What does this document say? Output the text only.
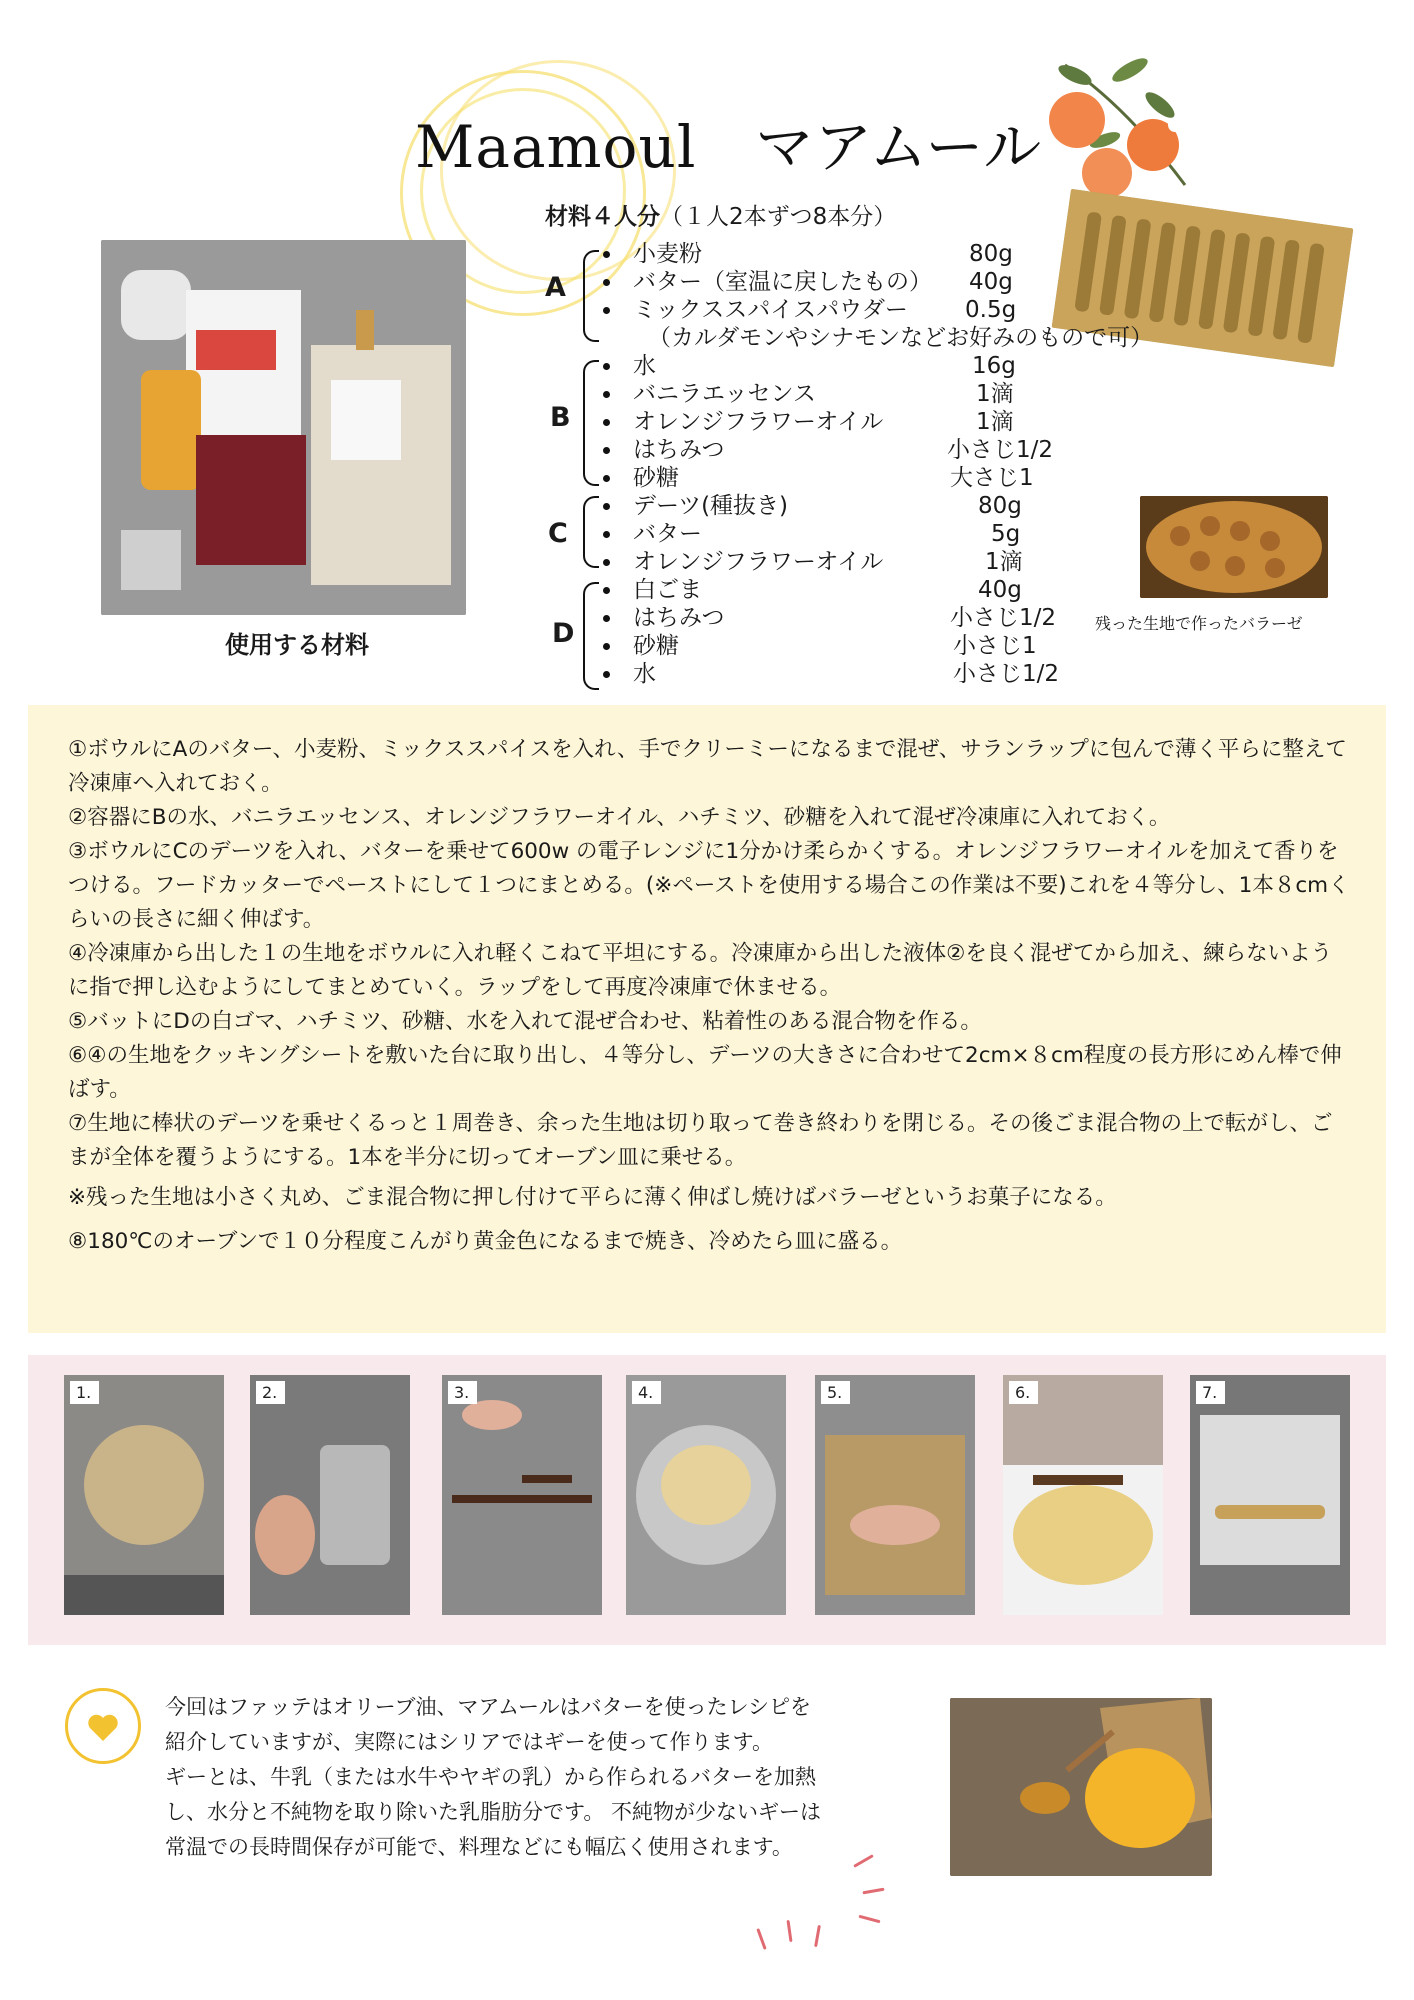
Maamoul　マアムール
使用する材料
材料４人分（１人2本ずつ8本分）
A
小麦粉	80g
バター（室温に戻したもの） 40g
ミックススパイスパウダー 0.5g
（カルダモンやシナモンなどお好みのもので可）
B
水	16g
バニラエッセンス	1滴
オレンジフラワーオイル	1滴
はちみつ	小さじ1/2
砂糖	大さじ1
C
デーツ(種抜き)	80g
バター	5g
オレンジフラワーオイル	1滴
D
白ごま	40g
はちみつ	小さじ1/2
砂糖	小さじ1
水	小さじ1/2
残った生地で作ったバラーゼ

①ボウルにAのバター、小麦粉、ミックススパイスを入れ、手でクリーミーになるまで混ぜ、サランラップに包んで薄く平らに整えて冷凍庫へ入れておく。

②容器にBの水、バニラエッセンス、オレンジフラワーオイル、ハチミツ、砂糖を入れて混ぜ冷凍庫に入れておく。

③ボウルにCのデーツを入れ、バターを乗せて600w の電子レンジに1分かけ柔らかくする。オレンジフラワーオイルを加えて香りをつける。フードカッターでペーストにして１つにまとめる。(※ペーストを使用する場合この作業は不要)これを４等分し、1本８cmくらいの長さに細く伸ばす。

④冷凍庫から出した１の生地をボウルに入れ軽くこねて平坦にする。冷凍庫から出した液体②を良く混ぜてから加え、練らないように指で押し込むようにしてまとめていく。ラップをして再度冷凍庫で休ませる。

⑤バットにDの白ゴマ、ハチミツ、砂糖、水を入れて混ぜ合わせ、粘着性のある混合物を作る。

⑥④の生地をクッキングシートを敷いた台に取り出し、４等分し、デーツの大きさに合わせて2cm×８cm程度の長方形にめん棒で伸ばす。

⑦生地に棒状のデーツを乗せくるっと１周巻き、余った生地は切り取って巻き終わりを閉じる。その後ごま混合物の上で転がし、ごまが全体を覆うようにする。1本を半分に切ってオーブン皿に乗せる。

※残った生地は小さく丸め、ごま混合物に押し付けて平らに薄く伸ばし焼けばバラーゼというお菓子になる。

⑧180℃のオーブンで１０分程度こんがり黄金色になるまで焼き、冷めたら皿に盛る。

1.	2.	3.	4.	5.	6.	7.

今回はファッテはオリーブ油、マアムールはバターを使ったレシピを紹介していますが、実際にはシリアではギーを使って作ります。

ギーとは、牛乳（または水牛やヤギの乳）から作られるバターを加熱し、水分と不純物を取り除いた乳脂肪分です。 不純物が少ないギーは常温での長時間保存が可能で、料理などにも幅広く使用されます。
